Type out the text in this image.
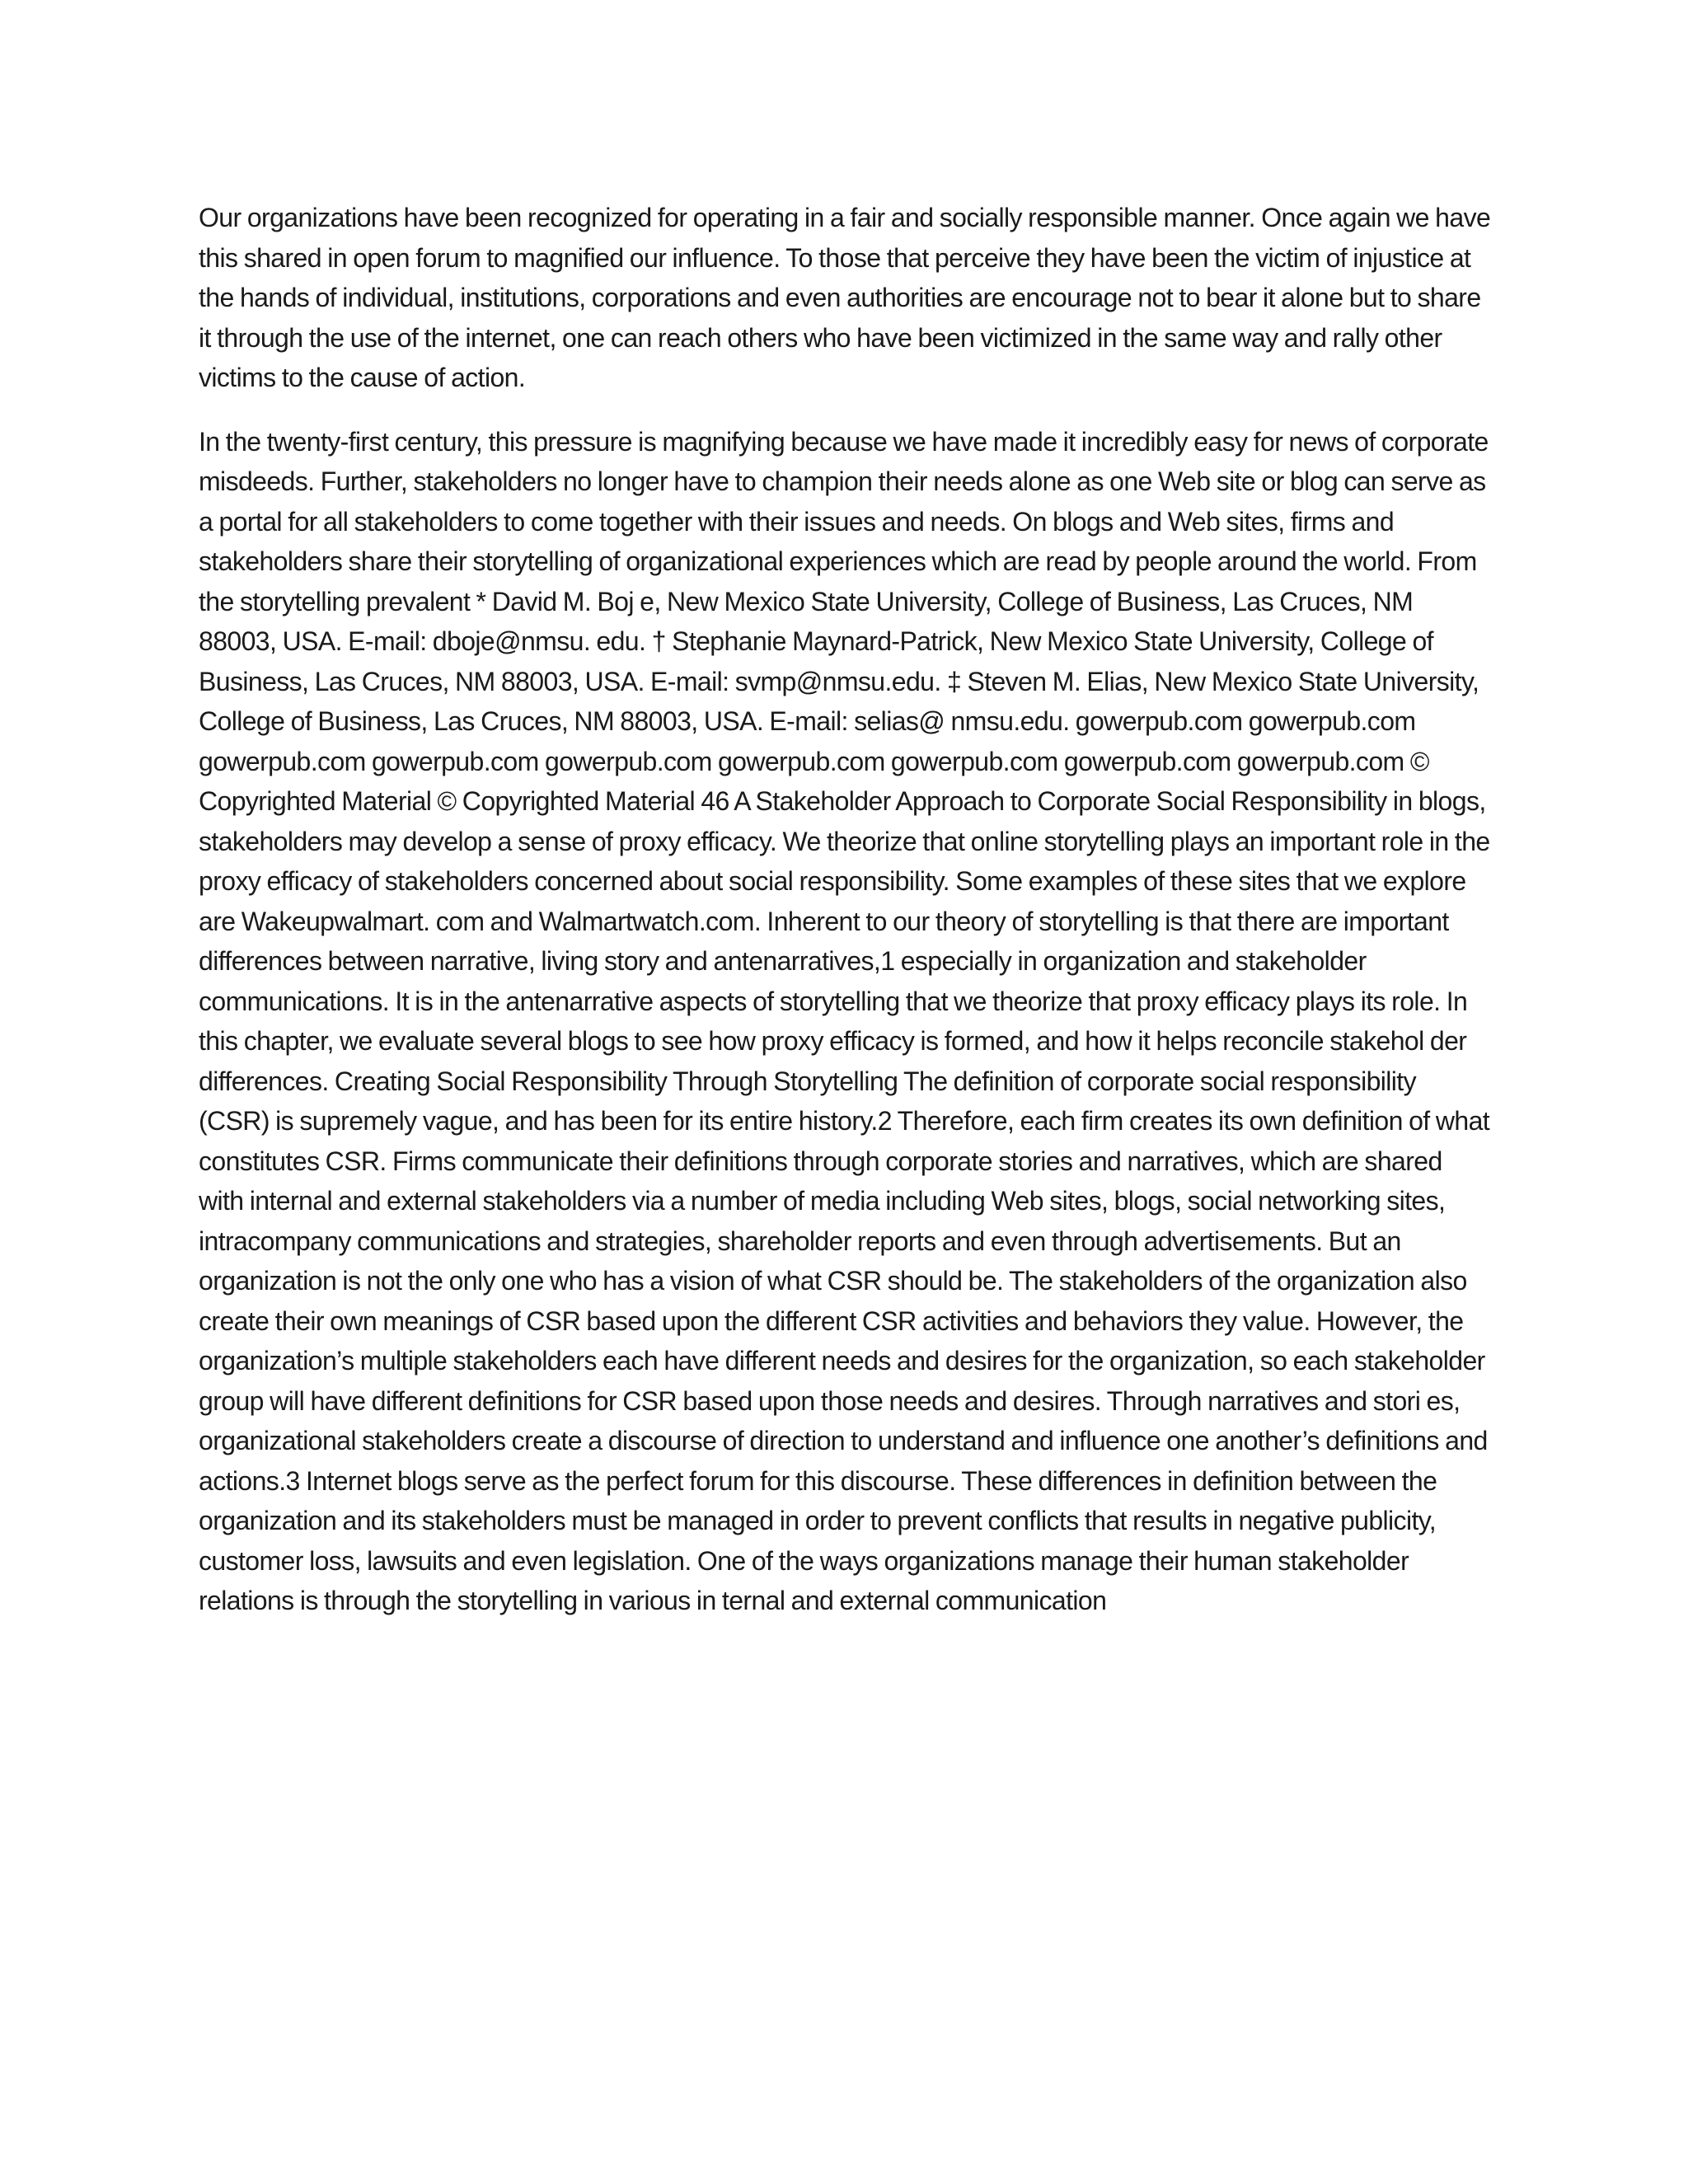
Our organizations have been recognized for operating in a fair and socially responsible manner. Once again we have this shared in open forum to magnified our influence. To those that perceive they have been the victim of injustice at the hands of individual, institutions, corporations and even authorities are encourage not to bear it alone but to share it through the use of the internet, one can reach others who have been victimized in the same way and rally other victims to the cause of action.

In the twenty-first century, this pressure is magnifying because we have made it incredibly easy for news of corporate misdeeds. Further, stakeholders no longer have to champion their needs alone as one Web site or blog can serve as a portal for all stakeholders to come together with their issues and needs. On blogs and Web sites, firms and stakeholders share their storytelling of organizational experiences which are read by people around the world. From the storytelling prevalent * David M. Boj e, New Mexico State University, College of Business, Las Cruces, NM 88003, USA. E-mail: dboje@nmsu. edu. † Stephanie Maynard-Patrick, New Mexico State University, College of Business, Las Cruces, NM 88003, USA. E-mail: svmp@nmsu.edu. ‡ Steven M. Elias, New Mexico State University, College of Business, Las Cruces, NM 88003, USA. E-mail: selias@ nmsu.edu. gowerpub.com gowerpub.com gowerpub.com gowerpub.com gowerpub.com gowerpub.com gowerpub.com gowerpub.com gowerpub.com © Copyrighted Material © Copyrighted Material 46 A Stakeholder Approach to Corporate Social Responsibility in blogs, stakeholders may develop a sense of proxy efficacy. We theorize that online storytelling plays an important role in the proxy efficacy of stakeholders concerned about social responsibility. Some examples of these sites that we explore are Wakeupwalmart. com and Walmartwatch.com. Inherent to our theory of storytelling is that there are important differences between narrative, living story and antenarratives,1 especially in organization and stakeholder communications. It is in the antenarrative aspects of storytelling that we theorize that proxy efficacy plays its role. In this chapter, we evaluate several blogs to see how proxy efficacy is formed, and how it helps reconcile stakehol der differences. Creating Social Responsibility Through Storytelling The definition of corporate social responsibility (CSR) is supremely vague, and has been for its entire history.2 Therefore, each firm creates its own definition of what constitutes CSR. Firms communicate their definitions through corporate stories and narratives, which are shared with internal and external stakeholders via a number of media including Web sites, blogs, social networking sites, intracompany communications and strategies, shareholder reports and even through advertisements. But an organization is not the only one who has a vision of what CSR should be. The stakeholders of the organization also create their own meanings of CSR based upon the different CSR activities and behaviors they value. However, the organization’s multiple stakeholders each have different needs and desires for the organization, so each stakeholder group will have different definitions for CSR based upon those needs and desires. Through narratives and stori es, organizational stakeholders create a discourse of direction to understand and influence one another’s definitions and actions.3 Internet blogs serve as the perfect forum for this discourse. These differences in definition between the organization and its stakeholders must be managed in order to prevent conflicts that results in negative publicity, customer loss, lawsuits and even legislation. One of the ways organizations manage their human stakeholder relations is through the storytelling in various in ternal and external communication
